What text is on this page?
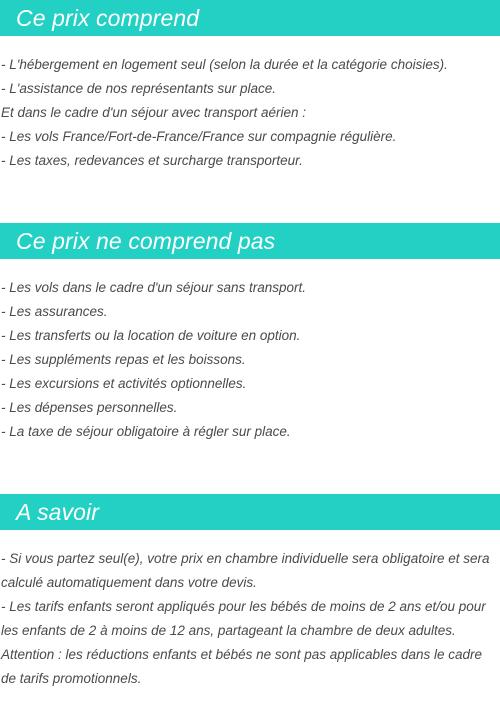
Ce prix comprend
- L'hébergement en logement seul (selon la durée et la catégorie choisies).
- L'assistance de nos représentants sur place.
Et dans le cadre d'un séjour avec transport aérien :
- Les vols France/Fort-de-France/France sur compagnie régulière.
- Les taxes, redevances et surcharge transporteur.
Ce prix ne comprend pas
- Les vols dans le cadre d'un séjour sans transport.
- Les assurances.
- Les transferts ou la location de voiture en option.
- Les suppléments repas et les boissons.
- Les excursions et activités optionnelles.
- Les dépenses personnelles.
- La taxe de séjour obligatoire à régler sur place.
A savoir
- Si vous partez seul(e), votre prix en chambre individuelle sera obligatoire et sera calculé automatiquement dans votre devis.
- Les tarifs enfants seront appliqués pour les bébés de moins de 2 ans et/ou pour les enfants de 2 à moins de 12 ans, partageant la chambre de deux adultes.
Attention : les réductions enfants et bébés ne sont pas applicables dans le cadre de tarifs promotionnels.
